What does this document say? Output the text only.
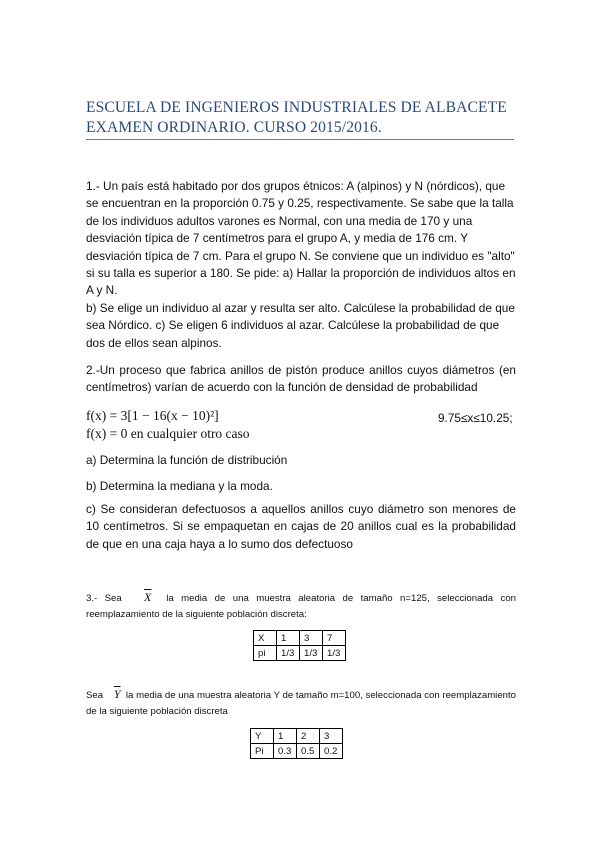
ESCUELA DE INGENIEROS INDUSTRIALES DE ALBACETE
EXAMEN ORDINARIO. CURSO 2015/2016.
1.- Un país está habitado por dos grupos étnicos: A (alpinos) y N (nórdicos), que se encuentran en la proporción 0.75 y 0.25, respectivamente. Se sabe que la talla de los individuos adultos varones es Normal, con una media de 170 y una desviación típica de 7 centímetros para el grupo A, y media de 176 cm. Y desviación típica de 7 cm. Para el grupo N. Se conviene que un individuo es "alto" si su talla es superior a 180. Se pide: a) Hallar la proporción de individuos altos en A y N.
b) Se elige un individuo al azar y resulta ser alto. Calcúlese la probabilidad de que sea Nórdico. c) Se eligen 6 individuos al azar. Calcúlese la probabilidad de que dos de ellos sean alpinos.
2.-Un proceso que fabrica anillos de pistón produce anillos cuyos diámetros (en centímetros) varían de acuerdo con la función de densidad de probabilidad
f(x) = 3[1 − 16(x − 10)²]	9.75≤x≤10.25;
f(x) = 0 en cualquier otro caso
a) Determina la función de distribución
b) Determina la mediana y la moda.
c) Se consideran defectuosos a aquellos anillos cuyo diámetro son menores de 10 centímetros. Si se empaquetan en cajas de 20 anillos cual es la probabilidad de que en una caja haya a lo sumo dos defectuoso
3.- Sea $\overline{X}$ la media de una muestra aleatoria de tamaño n=125, seleccionada con reemplazamiento de la siguiente población discreta:
X	1	3	7
pi	1/3	1/3	1/3
Sea $\overline{Y}$ la media de una muestra aleatoria Y de tamaño m=100, seleccionada con reemplazamiento de la siguiente población discreta
Y	1	2	3
Pi	0.3	0.5	0.2
